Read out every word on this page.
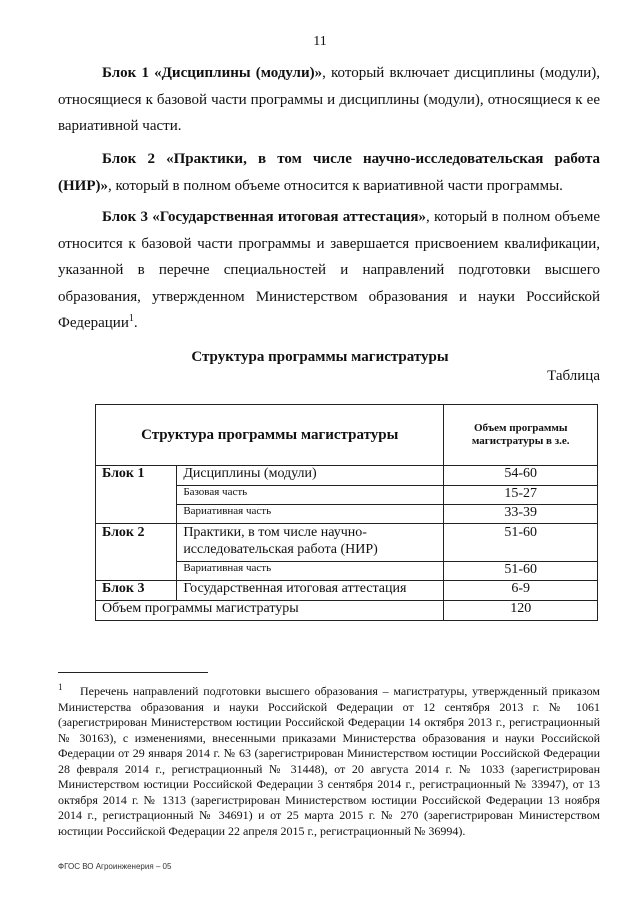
11
Блок 1 «Дисциплины (модули)», который включает дисциплины (модули), относящиеся к базовой части программы и дисциплины (модули), относящиеся к ее вариативной части.
Блок 2 «Практики, в том числе научно-исследовательская работа (НИР)», который в полном объеме относится к вариативной части программы.
Блок 3 «Государственная итоговая аттестация», который в полном объеме относится к базовой части программы и завершается присвоением квалификации, указанной в перечне специальностей и направлений подготовки высшего образования, утвержденном Министерством образования и науки Российской Федерации$^1$.
Структура программы магистратуры
Таблица
Структура программы магистратуры		Объем программы магистратуры в з.е.
Блок 1	Дисциплины (модули)	54-60
	Базовая часть	15-27
	Вариативная часть	33-39
Блок 2	Практики, в том числе научно-исследовательская работа (НИР)	51-60
	Вариативная часть	51-60
Блок 3	Государственная итоговая аттестация	6-9
Объем программы магистратуры		120
$^1$ Перечень направлений подготовки высшего образования – магистратуры, утвержденный приказом Министерства образования и науки Российской Федерации от 12 сентября 2013 г. № 1061 (зарегистрирован Министерством юстиции Российской Федерации 14 октября 2013 г., регистрационный № 30163), с изменениями, внесенными приказами Министерства образования и науки Российской Федерации от 29 января 2014 г. № 63 (зарегистрирован Министерством юстиции Российской Федерации 28 февраля 2014 г., регистрационный № 31448), от 20 августа 2014 г. № 1033 (зарегистрирован Министерством юстиции Российской Федерации 3 сентября 2014 г., регистрационный № 33947), от 13 октября 2014 г. № 1313 (зарегистрирован Министерством юстиции Российской Федерации 13 ноября 2014 г., регистрационный № 34691) и от 25 марта 2015 г. № 270 (зарегистрирован Министерством юстиции Российской Федерации 22 апреля 2015 г., регистрационный № 36994).
ФГОС ВО Агроинженерия – 05
